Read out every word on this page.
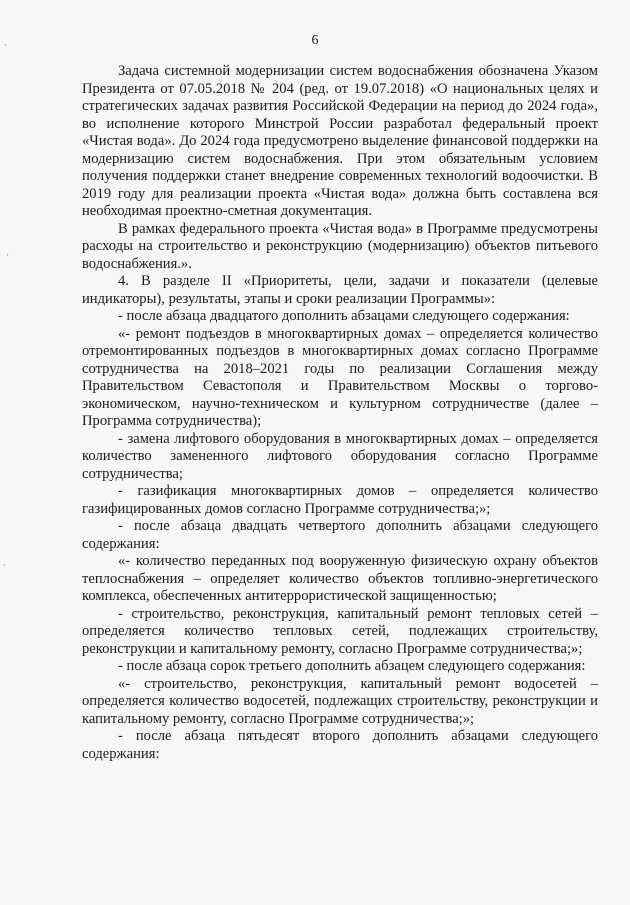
6
·
·
·

Задача системной модернизации систем водоснабжения обозначена Указом Президента от 07.05.2018 № 204 (ред. от 19.07.2018) «О национальных целях и стратегических задачах развития Российской Федерации на период до 2024 года», во исполнение которого Минстрой России разработал федеральный проект «Чистая вода». До 2024 года предусмотрено выделение финансовой поддержки на модернизацию систем водоснабжения. При этом обязательным условием получения поддержки станет внедрение современных технологий водоочистки. В 2019 году для реализации проекта «Чистая вода» должна быть составлена вся необходимая проектно-сметная документация.

В рамках федерального проекта «Чистая вода» в Программе предусмотрены расходы на строительство и реконструкцию (модернизацию) объектов питьевого водоснабжения.».

4. В разделе II «Приоритеты, цели, задачи и показатели (целевые индикаторы), результаты, этапы и сроки реализации Программы»:

- после абзаца двадцатого дополнить абзацами следующего содержания:

«- ремонт подъездов в многоквартирных домах – определяется количество отремонтированных подъездов в многоквартирных домах согласно Программе сотрудничества на 2018–2021 годы по реализации Соглашения между Правительством Севастополя и Правительством Москвы о торгово-экономическом, научно-техническом и культурном сотрудничестве (далее – Программа сотрудничества);

- замена лифтового оборудования в многоквартирных домах – определяется количество замененного лифтового оборудования согласно Программе сотрудничества;

- газификация многоквартирных домов – определяется количество газифицированных домов согласно Программе сотрудничества;»;

- после абзаца двадцать четвертого дополнить абзацами следующего содержания:

«- количество переданных под вооруженную физическую охрану объектов теплоснабжения – определяет количество объектов топливно-энергетического комплекса, обеспеченных антитеррористической защищенностью;

- строительство, реконструкция, капитальный ремонт тепловых сетей – определяется количество тепловых сетей, подлежащих строительству, реконструкции и капитальному ремонту, согласно Программе сотрудничества;»;

- после абзаца сорок третьего дополнить абзацем следующего содержания:

«- строительство, реконструкция, капитальный ремонт водосетей – определяется количество водосетей, подлежащих строительству, реконструкции и капитальному ремонту, согласно Программе сотрудничества;»;

- после абзаца пятьдесят второго дополнить абзацами следующего содержания:
